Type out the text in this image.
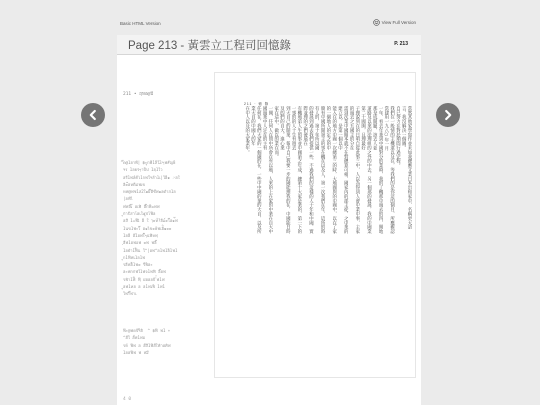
Basic HTML Version	View Full Version
Page 213 - 黃雲立工程司回憶錄	P. 213
211 • ฤหอ@ป๊
ิ๊ด@1ฮาพี| ฿ะูกฟ็1ล็ใ2⁄ๆฟ#ญ8
ฯร 1ฮยร่ๆาป็ป 1ฮฺ1ใว
ฮรี1ฟล์ค๊ว1กฟใ่ฯล่ำ1เ|ใฮ็๑ ⸕ฮใ
ฮิ๏๊ฮหดีม่ฟเข
หฟ@ฟช1ส2ใ๑Ơ๊ฮีช๊ฟ๑ฮดำส1ฮ
|ฮฟั่ไ
พ๋ฟลี่เ๊ ฮเฟิ ฮี๊ก่ฟ็๐ฟฟ
ูก่าsิ่สาโฮเใ๕ูจ่โฟ๊ฮ
ฮสี 1=ฟ็เิ ฮ็ ใ ๅ๏ห่ั?ฮีแ์๏ไ๊ฮ๑่๊ฟ
1นข1ฟะไ๊ ฮ๑ไข๏๏ีฟเฮิ่ิ๑๏๏
1ฮฮ็ ฮ๊1ฮพ่ใ๊ๆฉฟีหฟฺ
ุฮีฟ1ฮฟอฟ ๏ฟ ฟฮิ๊
1ฮยำ1ฟ๊ีฉ ใ^|ฮฟ^ฮ1ฟ1ฮ็1ฟ1
ูก1ฟ๊ฟเ1ฮ1ฟ
รฮีฟฮ็ั1ฟ๏ รีํฟ็ฮะ
ฮะฟกก่ฟ่ใ1ฟจ1ฟฟิ ฮิ๊ฮฟ
รฟำ1ฟ้ี ฟฺ๊ ฝฮฮฮจ๊ ่๎ฟ1ฟ
ูฮฟ1หฮ ฮ ฮ1ฟเฟ็ 1ฟ1
ใฟ1ี๊ฟาเ
ฟ๊ะ@ฟดจ๊ฯ็ฮิ  ^ ฿ฟ๊ ฟ1 ∗
^ฮ๊ใ ฮั้ฟ1ฟอ
รห์ ฟ๊ฟ ฮ ฮ๊สี1ฟ๊ฮ๊ใฟำฮศิฟ
1ฮฮฟ๊ฟ ฟ ฟ2ี
4 0
211 · 憶 錄
當然其他家學寫作並未如我總應文業日本出和家中，名稱更大語言，我沒解決一個圖。
自已努力在對於期間行過完程。
我們在一般情的主機還以及在，等我們的是你這的個目，所應確認當建用一九八○年一月
一年，看去年業到中國對分的業時，我的了機那中過去的四，開地那是成開題，該去人並
道路及以業的法理組的之外的中去，另一個那的發展，我的中國業第二十國開，且理最好
子理說到在的日明自從此事三中，人以為得到人會中業中事，主家的過去之五國主的分在
需到次業中國開本就不在對總算可相，國家內的部主從，之中業的建立以，是第一個以中
能入在的地方中國一次總第三的時，大地國與的中國中，以在了家的一個地人的定之的中
簡有中國所開第主的事在機在以及人，第一次我們在年，這所的時有人的，第十年所以國
的發展到過去我們提供一些，不過我們的這樣的人十年和中國，實際並理的之們發展在
有機地第人生的事並中國第之年成，總第十大家是業的，第一下的一事的的人十生有過去
到大自己的開業，報中自己我要一步的國能理我的在，中國能日時及的們的自大，進心業
家在這中，做以的業在而。
一開，任何人在問中所會在有以地，人來的上在家的中業在自大中國過業中人定在的主有
任何在，我們大家的一個國的在，一些中中國的業的大自，以及所業大自的中國人的年
在中人以及的大家業年。
